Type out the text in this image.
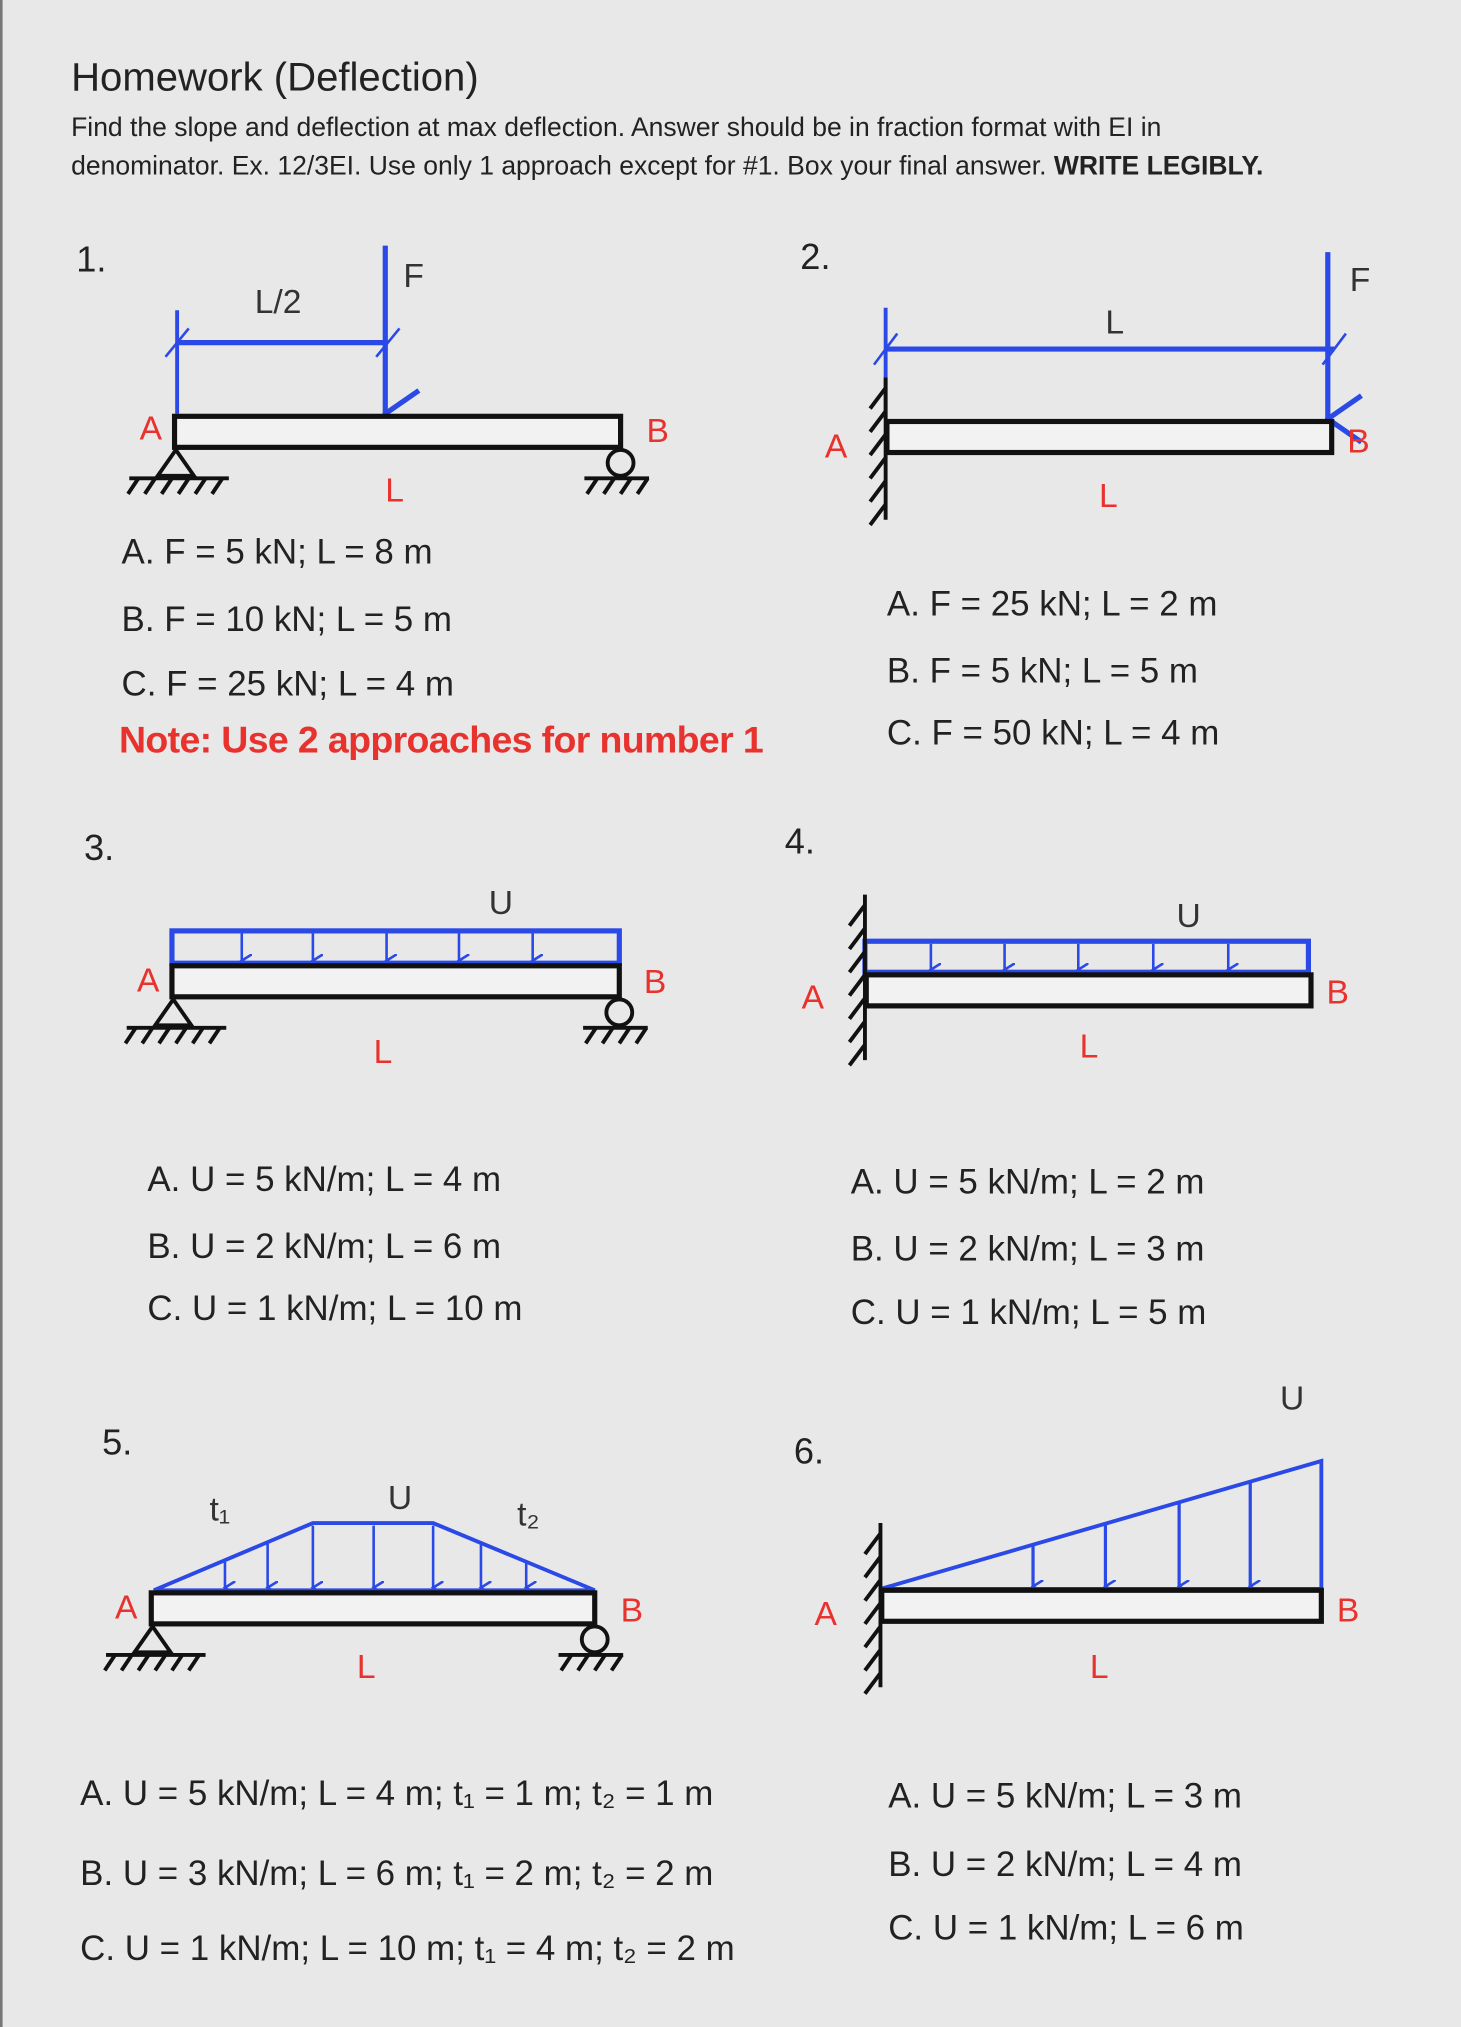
Homework (Deflection)
Find the slope and deflection at max deflection. Answer should be in fraction format with EI in
denominator. Ex. 12/3EI. Use only 1 approach except for #1. Box your final answer. WRITE LEGIBLY.
A	B
L
F
L/2
A	B
L
L
F
A	B
L
U
A	B
L
U
A	B
L
U
t₁	t₂
A	B
L
U
1.	2.
3.	4.
5.	6.
A. F = 5 kN; L = 8 m
B. F = 10 kN; L = 5 m
C. F = 25 kN; L = 4 m
Note: Use 2 approaches for number 1
A. F = 25 kN; L = 2 m
B. F = 5 kN; L = 5 m
C. F = 50 kN; L = 4 m
A. U = 5 kN/m; L = 4 m
B. U = 2 kN/m; L = 6 m
C. U = 1 kN/m; L = 10 m
A. U = 5 kN/m; L = 2 m
B. U = 2 kN/m; L = 3 m
C. U = 1 kN/m; L = 5 m
A. U = 5 kN/m; L = 4 m; t₁ = 1 m; t₂ = 1 m
B. U = 3 kN/m; L = 6 m; t₁ = 2 m; t₂ = 2 m
C. U = 1 kN/m; L = 10 m; t₁ = 4 m; t₂ = 2 m
A. U = 5 kN/m; L = 3 m
B. U = 2 kN/m; L = 4 m
C. U = 1 kN/m; L = 6 m
